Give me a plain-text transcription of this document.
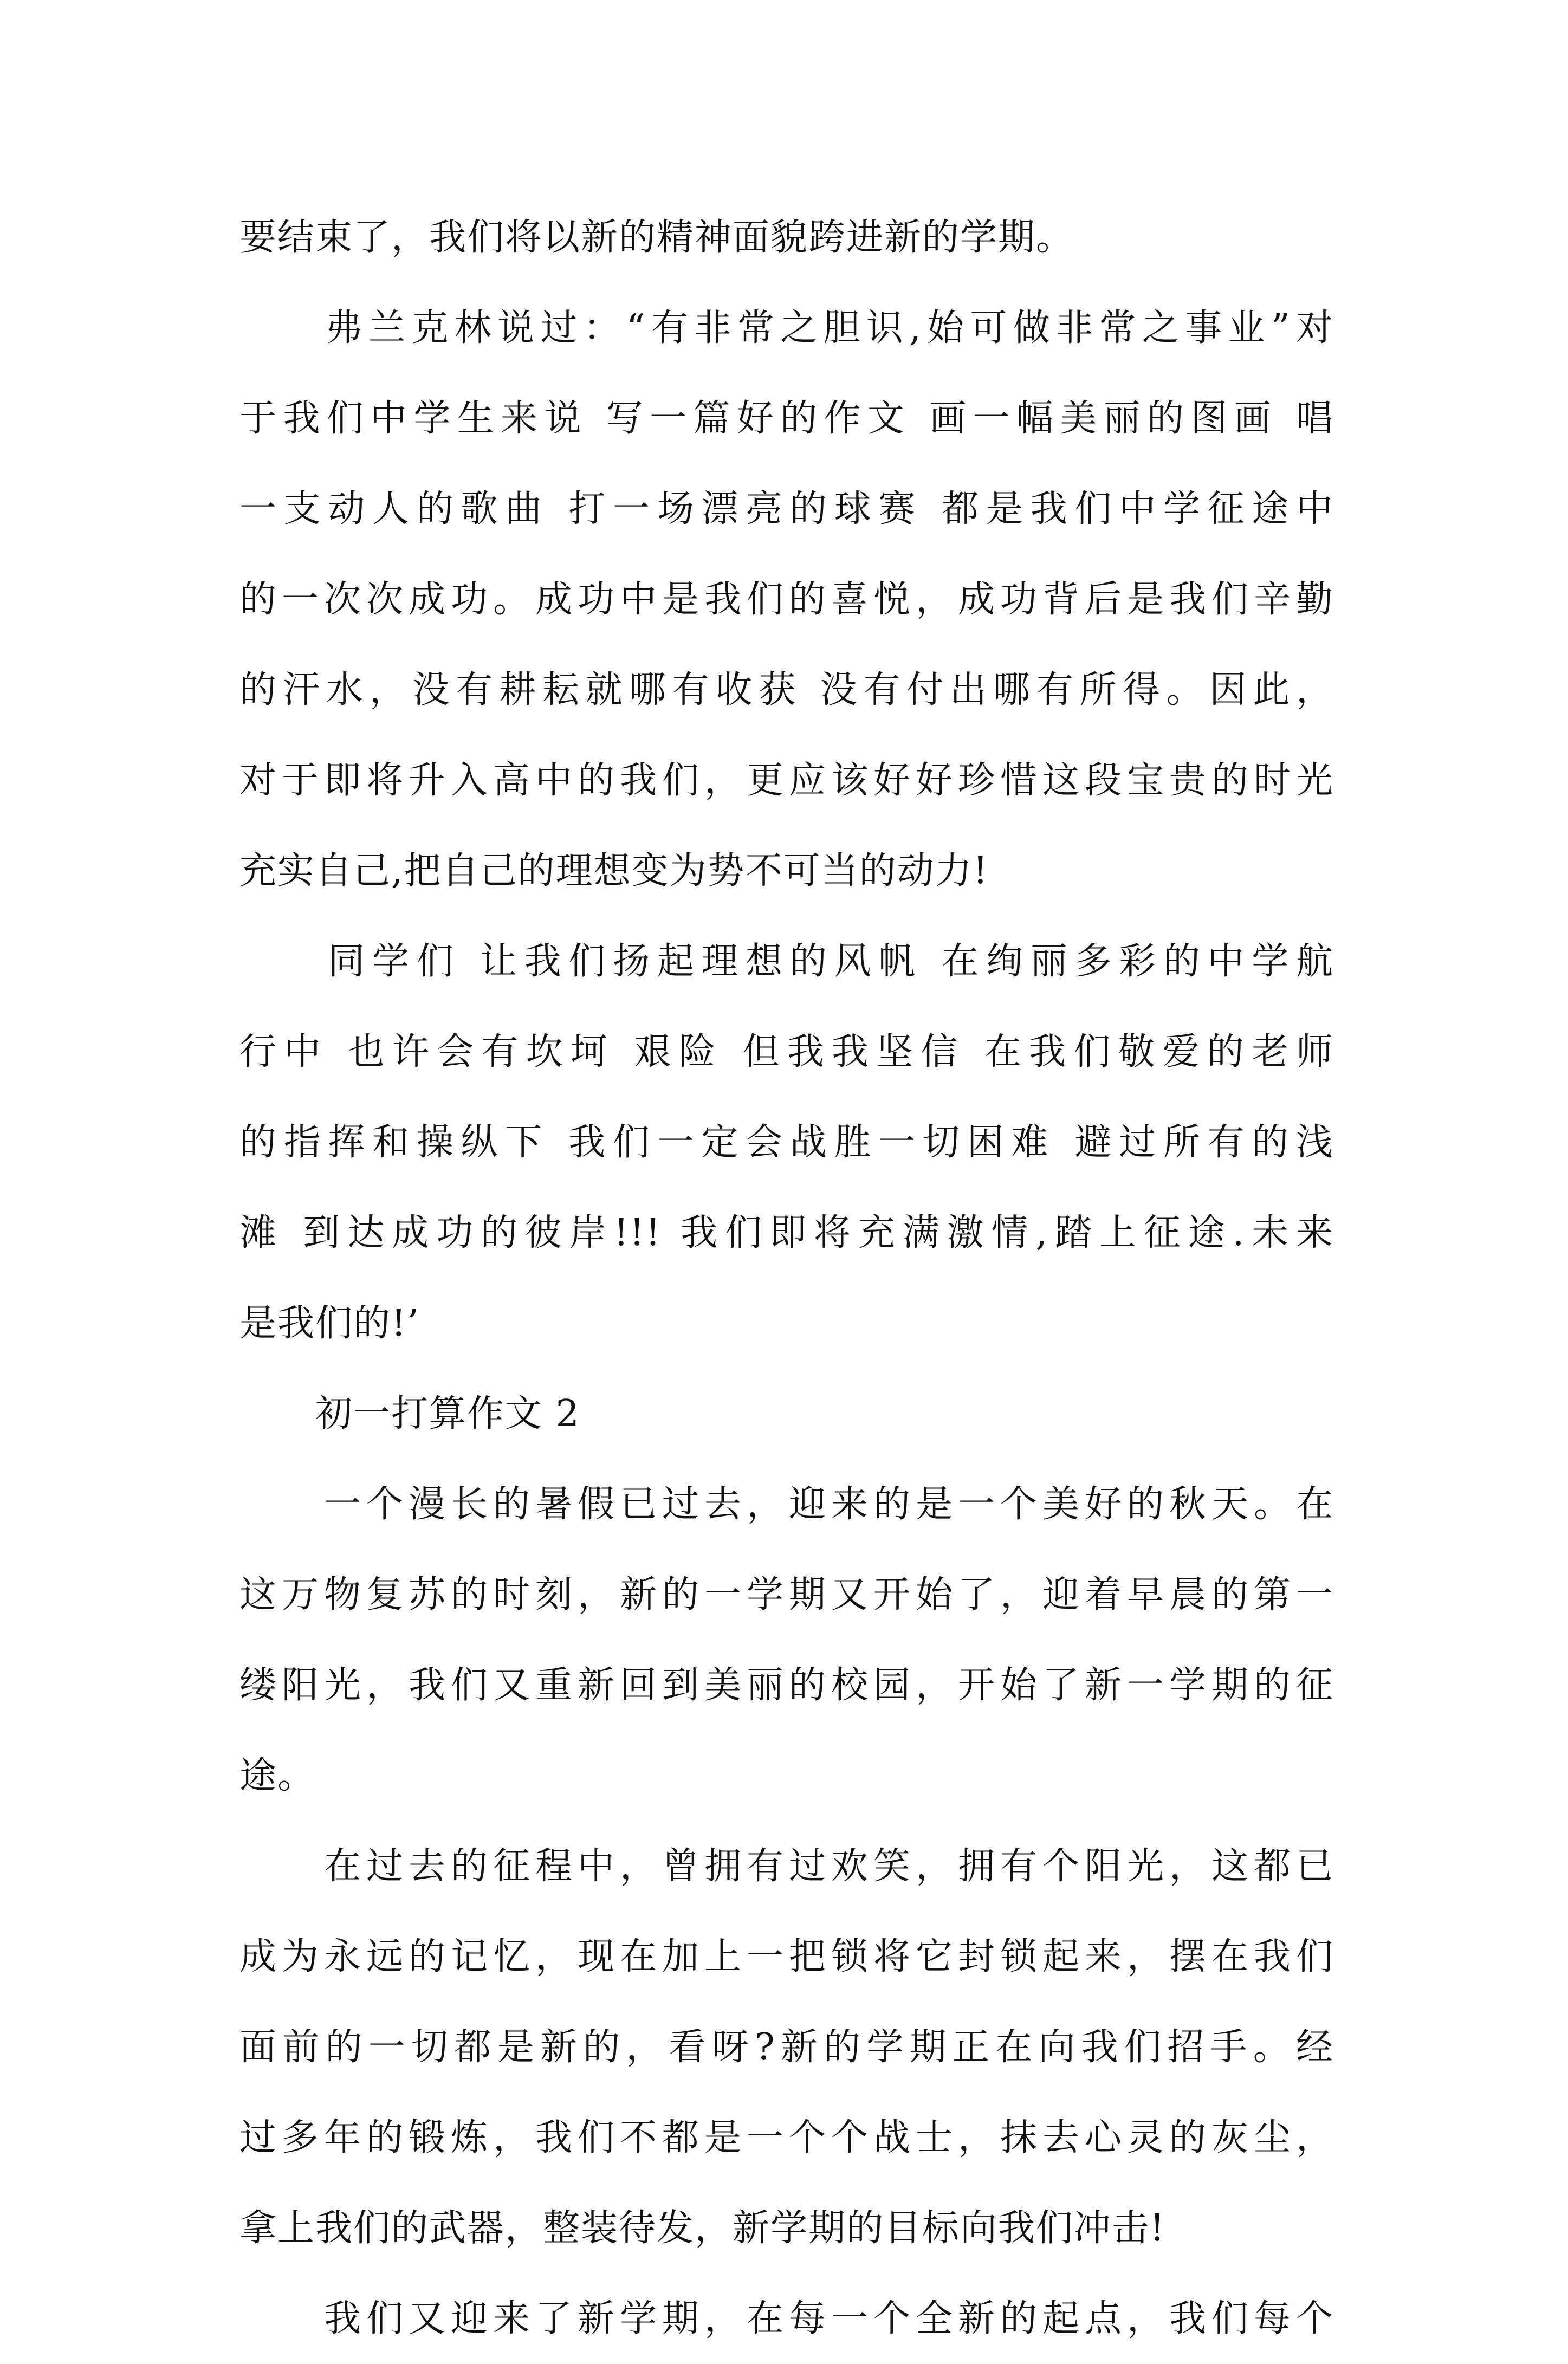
要结束了，我们将以新的精神面貌跨进新的学期。
　　弗兰克林说过：“有非常之胆识,始可做非常之事业”对
于我们中学生来说 写一篇好的作文 画一幅美丽的图画 唱
一支动人的歌曲 打一场漂亮的球赛 都是我们中学征途中
的一次次成功。成功中是我们的喜悦，成功背后是我们辛勤
的汗水，没有耕耘就哪有收获 没有付出哪有所得。因此，
对于即将升入高中的我们，更应该好好珍惜这段宝贵的时光
充实自己,把自己的理想变为势不可当的动力!
　　同学们 让我们扬起理想的风帆 在绚丽多彩的中学航
行中 也许会有坎坷 艰险 但我我坚信 在我们敬爱的老师
的指挥和操纵下 我们一定会战胜一切困难 避过所有的浅
滩 到达成功的彼岸!!! 我们即将充满激情,踏上征途.未来
是我们的!’
　　初一打算作文 2
　　一个漫长的暑假已过去，迎来的是一个美好的秋天。在
这万物复苏的时刻，新的一学期又开始了，迎着早晨的第一
缕阳光，我们又重新回到美丽的校园，开始了新一学期的征
途。
　　在过去的征程中，曾拥有过欢笑，拥有个阳光，这都已
成为永远的记忆，现在加上一把锁将它封锁起来，摆在我们
面前的一切都是新的，看呀?新的学期正在向我们招手。经
过多年的锻炼，我们不都是一个个战士，抹去心灵的灰尘，
拿上我们的武器，整装待发，新学期的目标向我们冲击!
　　我们又迎来了新学期，在每一个全新的起点，我们每个
